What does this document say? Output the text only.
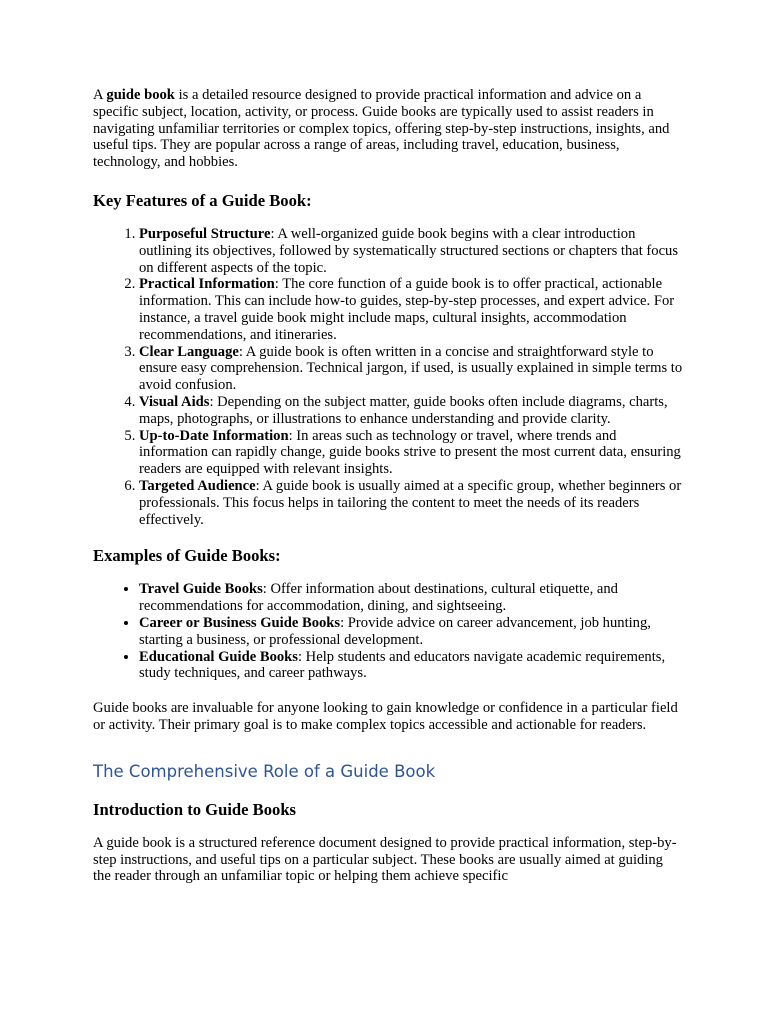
A guide book is a detailed resource designed to provide practical information and advice on a specific subject, location, activity, or process. Guide books are typically used to assist readers in navigating unfamiliar territories or complex topics, offering step-by-step instructions, insights, and useful tips. They are popular across a range of areas, including travel, education, business, technology, and hobbies.

Key Features of a Guide Book:
1. Purposeful Structure: A well-organized guide book begins with a clear introduction outlining its objectives, followed by systematically structured sections or chapters that focus on different aspects of the topic.
2. Practical Information: The core function of a guide book is to offer practical, actionable information. This can include how-to guides, step-by-step processes, and expert advice. For instance, a travel guide book might include maps, cultural insights, accommodation recommendations, and itineraries.
3. Clear Language: A guide book is often written in a concise and straightforward style to ensure easy comprehension. Technical jargon, if used, is usually explained in simple terms to avoid confusion.
4. Visual Aids: Depending on the subject matter, guide books often include diagrams, charts, maps, photographs, or illustrations to enhance understanding and provide clarity.
5. Up-to-Date Information: In areas such as technology or travel, where trends and information can rapidly change, guide books strive to present the most current data, ensuring readers are equipped with relevant insights.
6. Targeted Audience: A guide book is usually aimed at a specific group, whether beginners or professionals. This focus helps in tailoring the content to meet the needs of its readers effectively.
Examples of Guide Books:
• Travel Guide Books: Offer information about destinations, cultural etiquette, and recommendations for accommodation, dining, and sightseeing.
• Career or Business Guide Books: Provide advice on career advancement, job hunting, starting a business, or professional development.
• Educational Guide Books: Help students and educators navigate academic requirements, study techniques, and career pathways.

Guide books are invaluable for anyone looking to gain knowledge or confidence in a particular field or activity. Their primary goal is to make complex topics accessible and actionable for readers.

The Comprehensive Role of a Guide Book
Introduction to Guide Books

A guide book is a structured reference document designed to provide practical information, step-by-step instructions, and useful tips on a particular subject. These books are usually aimed at guiding the reader through an unfamiliar topic or helping them achieve specific
